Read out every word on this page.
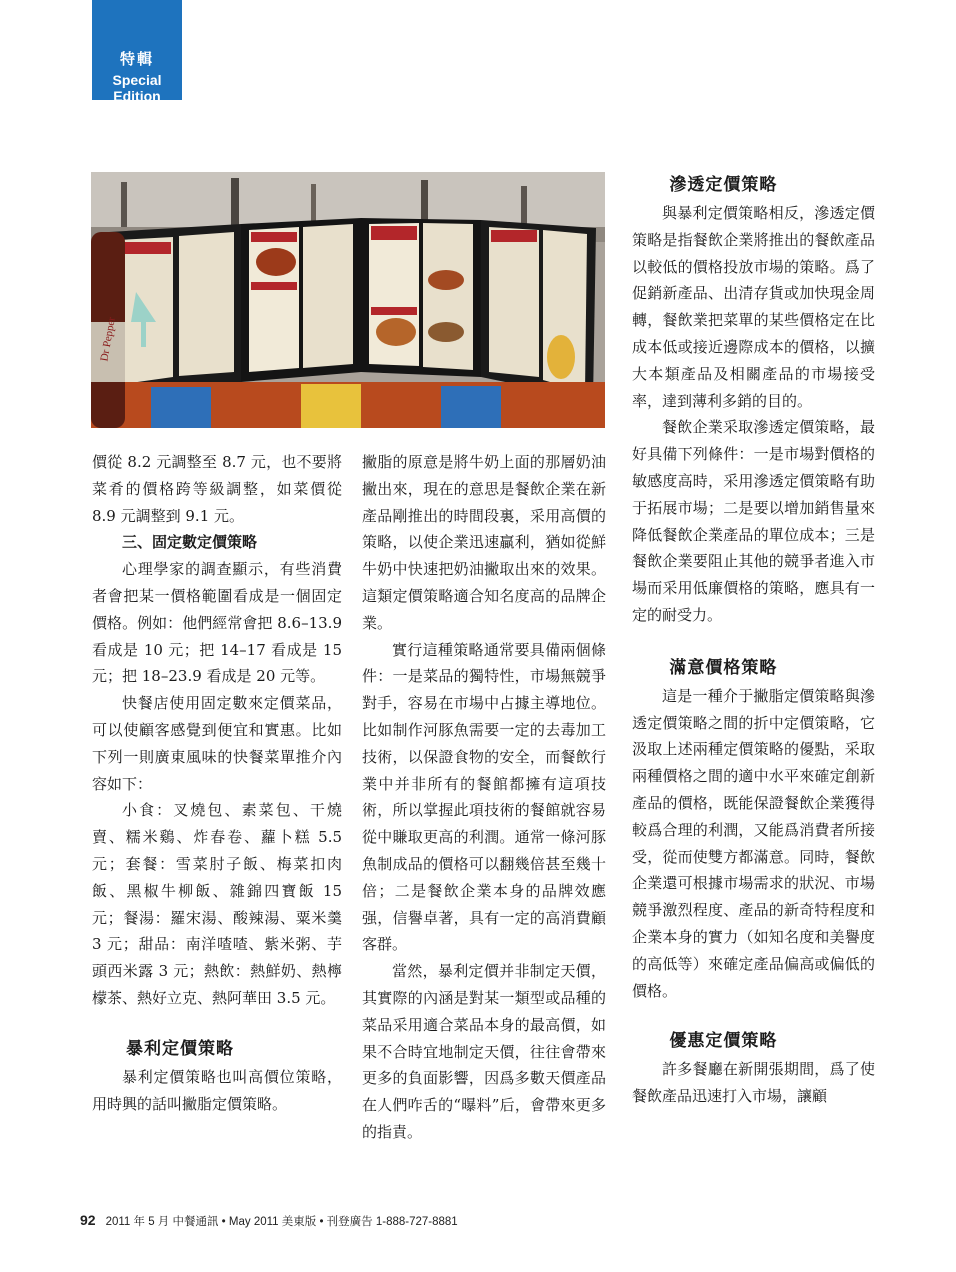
特輯
Special Edition
Dr Pepper

價從 8.2 元調整至 8.7 元，也不要將菜肴的價格跨等級調整，如菜價從 8.9 元調整到 9.1 元。

三、固定數定價策略

心理學家的調查顯示，有些消費者會把某一價格範圍看成是一個固定價格。例如：他們經常會把 8.6–13.9 看成是 10 元；把 14–17 看成是 15 元；把 18–23.9 看成是 20 元等。

快餐店使用固定數來定價菜品，可以使顧客感覺到便宜和實惠。比如下列一則廣東風味的快餐菜單推介內容如下：

小食：叉燒包、素菜包、干燒賣、糯米鷄、炸春卷、蘿卜糕 5.5 元；套餐：雪菜肘子飯、梅菜扣肉飯、黑椒牛柳飯、雜錦四寶飯 15 元；餐湯：羅宋湯、酸辣湯、粟米羹 3 元；甜品：南洋喳喳、紫米粥、芋頭西米露 3 元；熱飲：熱鮮奶、熱檸檬茶、熱好立克、熱阿華田 3.5 元。

暴利定價策略

暴利定價策略也叫高價位策略，用時興的話叫撇脂定價策略。

撇脂的原意是將牛奶上面的那層奶油撇出來，現在的意思是餐飲企業在新產品剛推出的時間段裏，采用高價的策略，以使企業迅速贏利，猶如從鮮牛奶中快速把奶油撇取出來的效果。這類定價策略適合知名度高的品牌企業。

實行這種策略通常要具備兩個條件：一是菜品的獨特性，市場無競爭對手，容易在市場中占據主導地位。比如制作河豚魚需要一定的去毒加工技術，以保證食物的安全，而餐飲行業中并非所有的餐館都擁有這項技術，所以掌握此項技術的餐館就容易從中賺取更高的利潤。通常一條河豚魚制成品的價格可以翻幾倍甚至幾十倍；二是餐飲企業本身的品牌效應强，信譽卓著，具有一定的高消費顧客群。

當然，暴利定價并非制定天價，其實際的內涵是對某一類型或品種的菜品采用適合菜品本身的最高價，如果不合時宜地制定天價，往往會帶來更多的負面影響，因爲多數天價產品在人們咋舌的“曝料”后，會帶來更多的指責。

滲透定價策略

與暴利定價策略相反，滲透定價策略是指餐飲企業將推出的餐飲產品以較低的價格投放市場的策略。爲了促銷新產品、出清存貨或加快現金周轉，餐飲業把菜單的某些價格定在比成本低或接近邊際成本的價格，以擴大本類產品及相關產品的市場接受率，達到薄利多銷的目的。

餐飲企業采取滲透定價策略，最好具備下列條件：一是市場對價格的敏感度高時，采用滲透定價策略有助于拓展市場；二是要以增加銷售量來降低餐飲企業產品的單位成本；三是餐飲企業要阻止其他的競爭者進入市場而采用低廉價格的策略，應具有一定的耐受力。

滿意價格策略

這是一種介于撇脂定價策略與滲透定價策略之間的折中定價策略，它汲取上述兩種定價策略的優點，采取兩種價格之間的適中水平來確定創新產品的價格，既能保證餐飲企業獲得較爲合理的利潤，又能爲消費者所接受，從而使雙方都滿意。同時，餐飲企業還可根據市場需求的狀況、市場競爭激烈程度、產品的新奇特程度和企業本身的實力（如知名度和美譽度的高低等）來確定產品偏高或偏低的價格。

優惠定價策略

許多餐廳在新開張期間，爲了使餐飲產品迅速打入市場，讓顧

92 2011 年 5 月 中餐通訊 • May 2011 美東版 • 刊登廣告 1-888-727-8881
